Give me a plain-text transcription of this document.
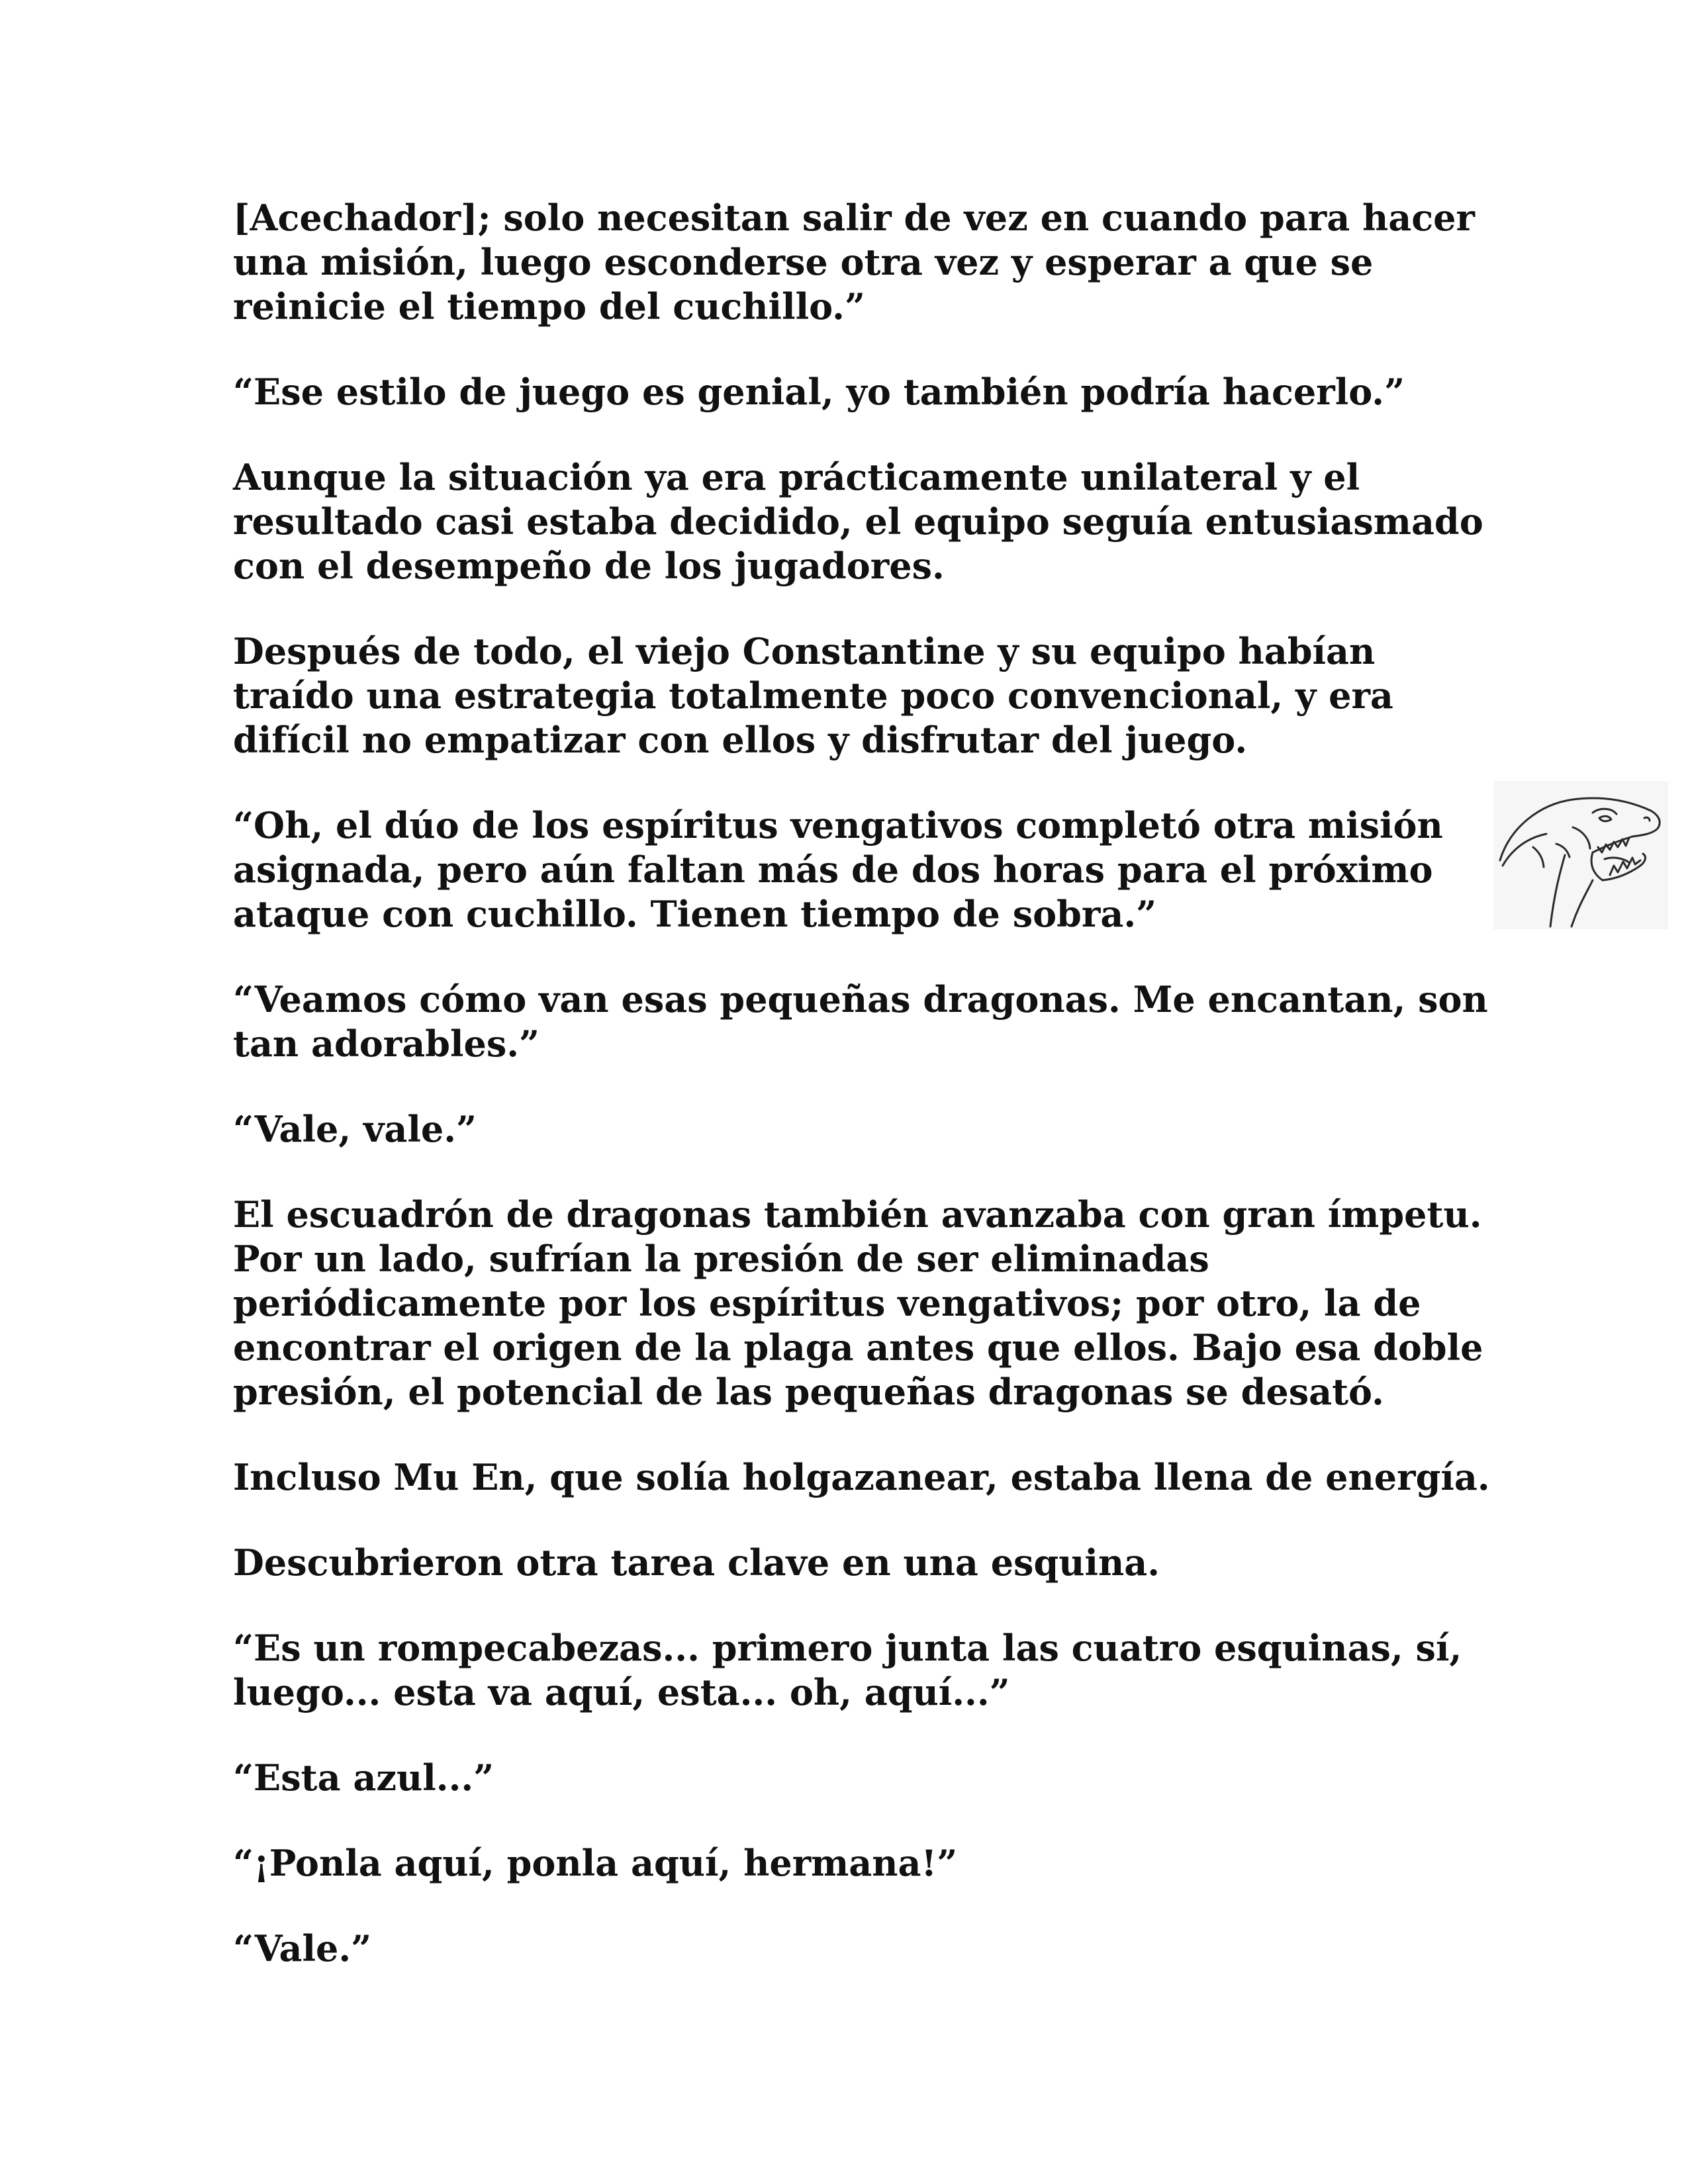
[Acechador]; solo necesitan salir de vez en cuando para hacer
una misión, luego esconderse otra vez y esperar a que se
reinicie el tiempo del cuchillo.”

“Ese estilo de juego es genial, yo también podría hacerlo.”

Aunque la situación ya era prácticamente unilateral y el
resultado casi estaba decidido, el equipo seguía entusiasmado
con el desempeño de los jugadores.

Después de todo, el viejo Constantine y su equipo habían
traído una estrategia totalmente poco convencional, y era
difícil no empatizar con ellos y disfrutar del juego.

“Oh, el dúo de los espíritus vengativos completó otra misión
asignada, pero aún faltan más de dos horas para el próximo
ataque con cuchillo. Tienen tiempo de sobra.”

“Veamos cómo van esas pequeñas dragonas. Me encantan, son
tan adorables.”

“Vale, vale.”

El escuadrón de dragonas también avanzaba con gran ímpetu.
Por un lado, sufrían la presión de ser eliminadas
periódicamente por los espíritus vengativos; por otro, la de
encontrar el origen de la plaga antes que ellos. Bajo esa doble
presión, el potencial de las pequeñas dragonas se desató.

Incluso Mu En, que solía holgazanear, estaba llena de energía.

Descubrieron otra tarea clave en una esquina.

“Es un rompecabezas... primero junta las cuatro esquinas, sí,
luego... esta va aquí, esta... oh, aquí...”

“Esta azul...”

“¡Ponla aquí, ponla aquí, hermana!”

“Vale.”
